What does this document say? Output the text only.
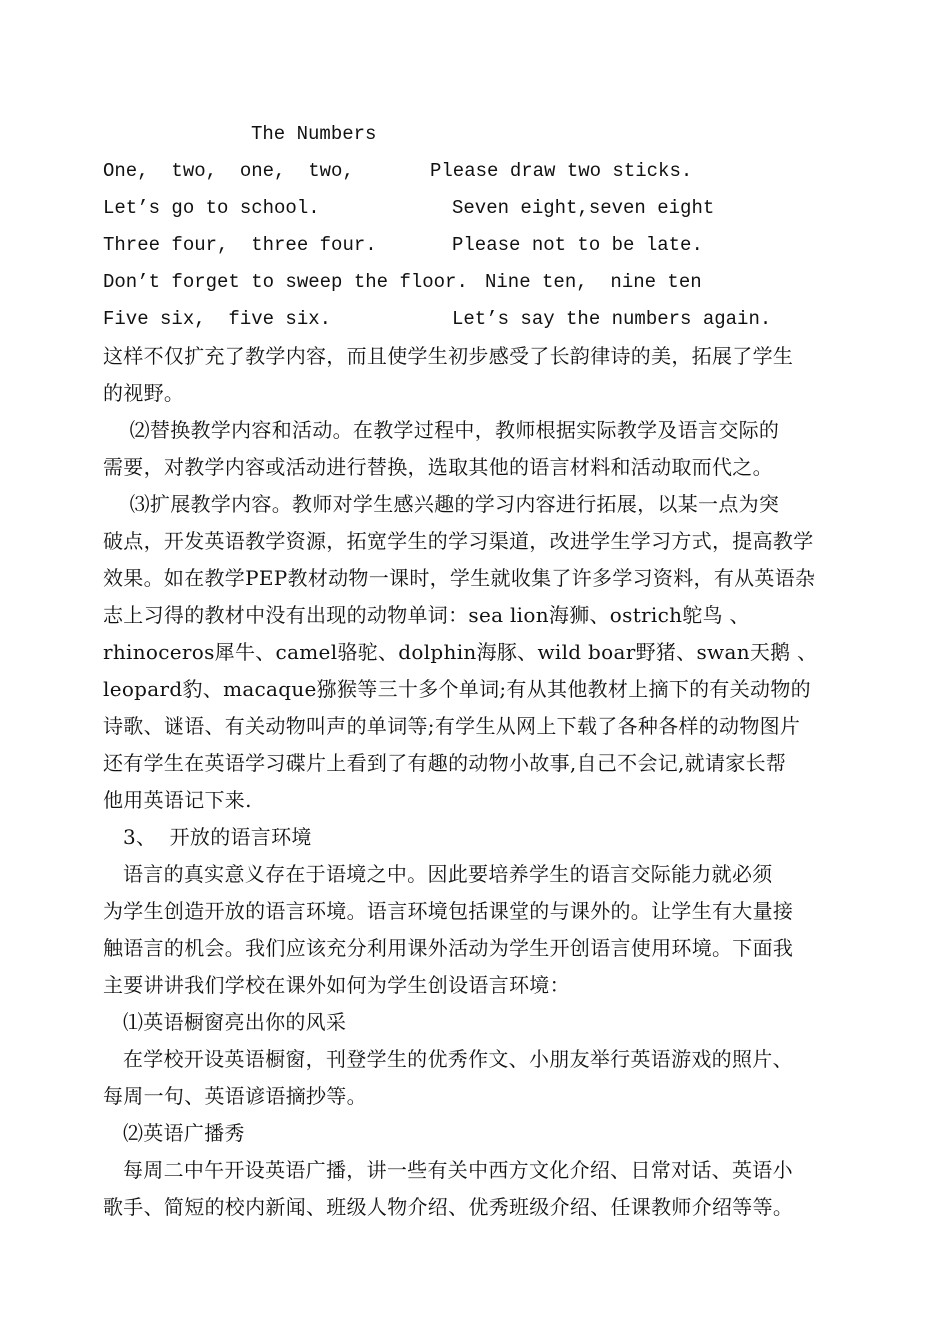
The Numbers
One,  two,  one,  two,	Please draw two sticks.
Let’s go to school.	Seven eight,seven eight
Three four,  three four.	Please not to be late.
Don’t forget to sweep the floor. Nine ten,  nine ten
Five six,  five six.	Let’s say the numbers again.
这样不仅扩充了教学内容，而且使学生初步感受了长韵律诗的美，拓展了学生
的视野。
⑵替换教学内容和活动。在教学过程中，教师根据实际教学及语言交际的
需要，对教学内容或活动进行替换，选取其他的语言材料和活动取而代之。
⑶扩展教学内容。教师对学生感兴趣的学习内容进行拓展，以某一点为突
破点，开发英语教学资源，拓宽学生的学习渠道，改进学生学习方式，提高教学
效果。如在教学PEP教材动物一课时，学生就收集了许多学习资料，有从英语杂
志上习得的教材中没有出现的动物单词：sea lion海狮、ostrich鸵鸟 、
rhinoceros犀牛、camel骆驼、dolphin海豚、wild boar野猪、swan天鹅 、
leopard豹、macaque猕猴等三十多个单词;有从其他教材上摘下的有关动物的
诗歌、谜语、有关动物叫声的单词等;有学生从网上下载了各种各样的动物图片
还有学生在英语学习碟片上看到了有趣的动物小故事,自己不会记,就请家长帮
他用英语记下来.
3、  开放的语言环境
语言的真实意义存在于语境之中。因此要培养学生的语言交际能力就必须
为学生创造开放的语言环境。语言环境包括课堂的与课外的。让学生有大量接
触语言的机会。我们应该充分利用课外活动为学生开创语言使用环境。下面我
主要讲讲我们学校在课外如何为学生创设语言环境：
⑴英语橱窗亮出你的风采
在学校开设英语橱窗，刊登学生的优秀作文、小朋友举行英语游戏的照片、
每周一句、英语谚语摘抄等。
⑵英语广播秀
每周二中午开设英语广播，讲一些有关中西方文化介绍、日常对话、英语小
歌手、简短的校内新闻、班级人物介绍、优秀班级介绍、任课教师介绍等等。
